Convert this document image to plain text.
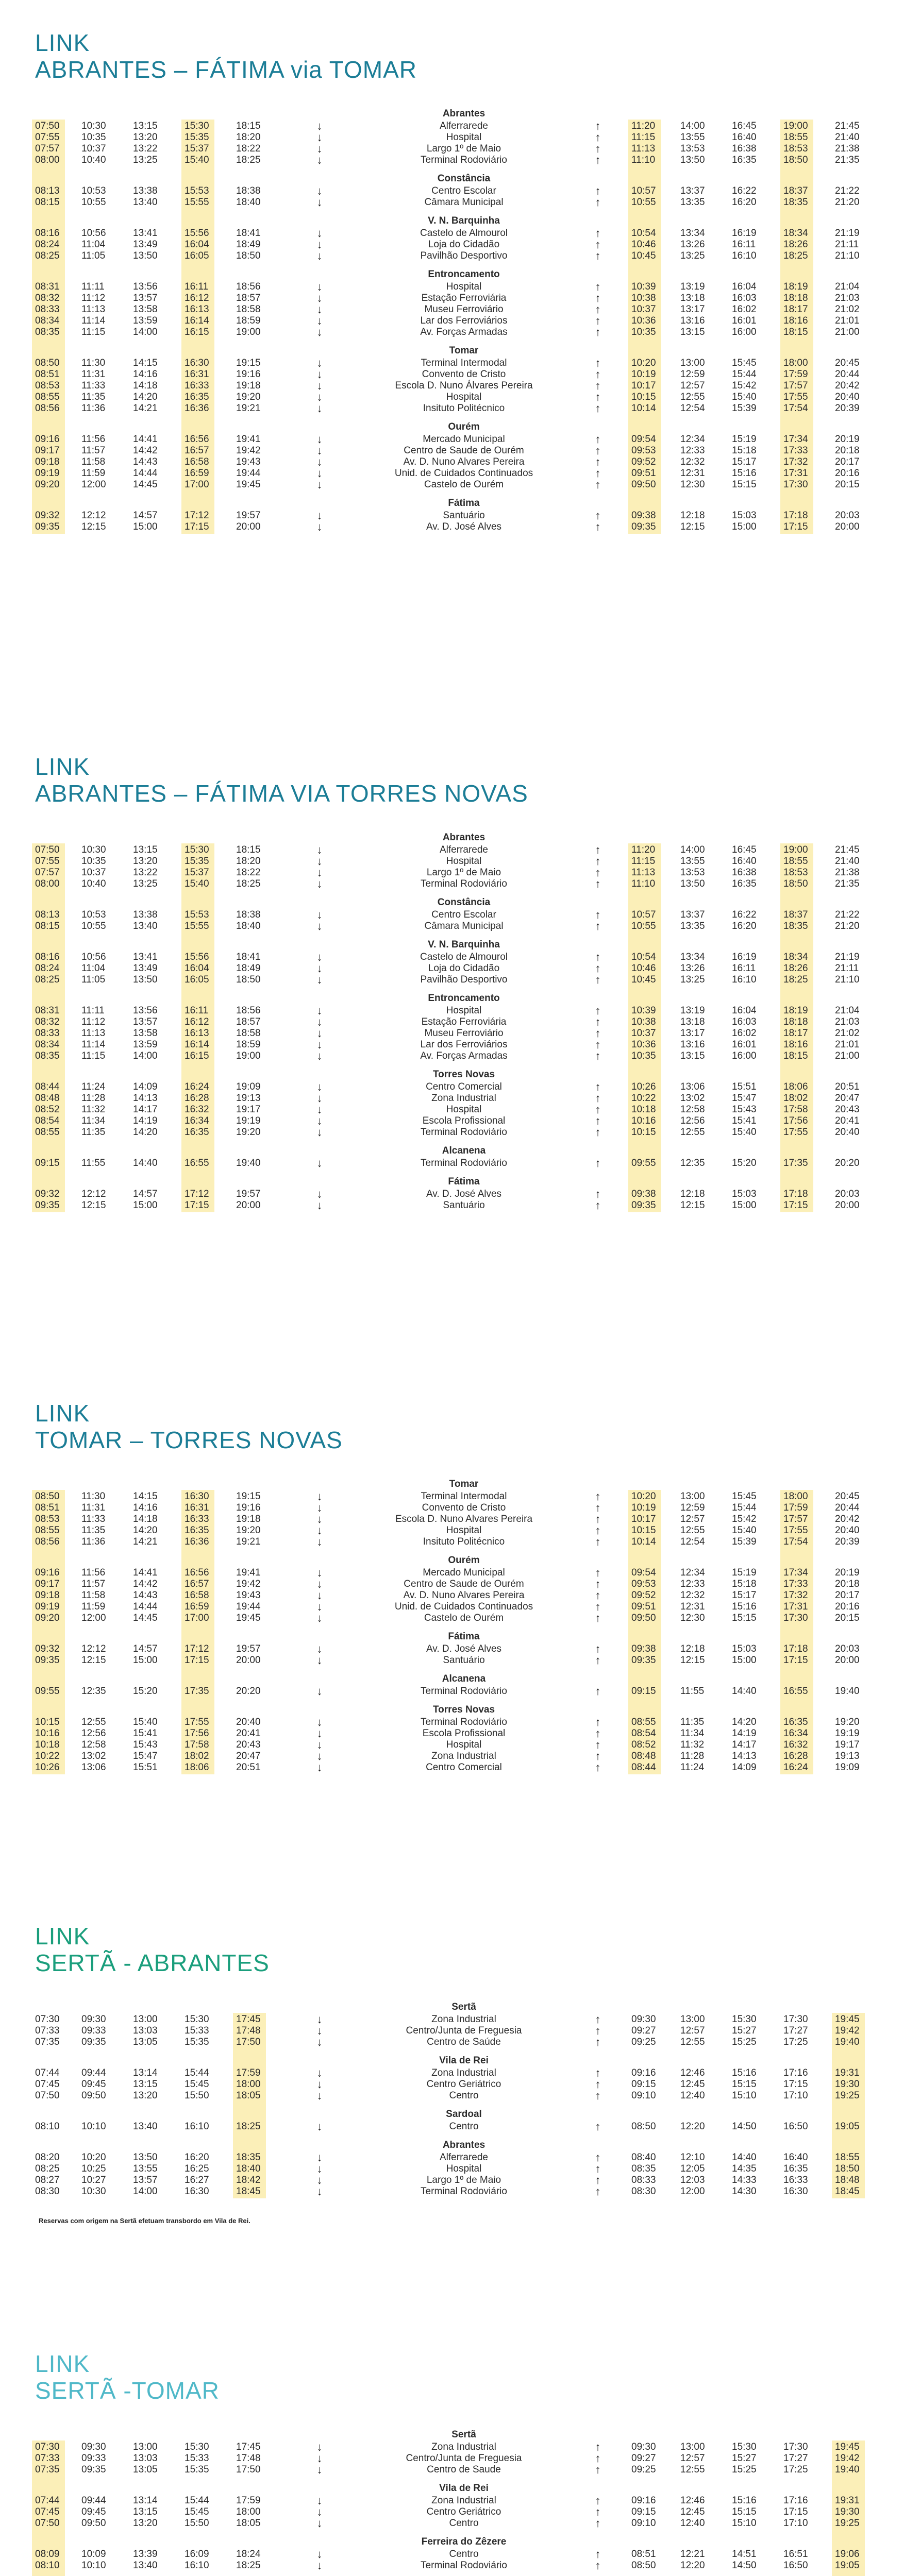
LINK
ABRANTES – FÁTIMA via TOMAR
Abrantes
07:50 10:30	13:15	15:30	18:15	↓	Alferrarede	↑	11:20	14:00	16:45	19:00	21:45
07:55 10:35	13:20	15:35	18:20	↓	Hospital	↑	11:15	13:55	16:40	18:55	21:40
07:57 10:37	13:22	15:37	18:22	↓	Largo 1º de Maio	↑	11:13	13:53	16:38	18:53	21:38
08:00 10:40	13:25	15:40	18:25	↓	Terminal Rodoviário	↑	11:10	13:50	16:35	18:50	21:35
Constância
08:13 10:53	13:38	15:53	18:38	↓	Centro Escolar	↑	10:57 13:37	16:22	18:37	21:22
08:15 10:55	13:40	15:55	18:40	↓	Câmara Municipal	↑	10:55 13:35	16:20	18:35	21:20
V. N. Barquinha
08:16 10:56	13:41	15:56	18:41	↓	Castelo de Almourol	↑	10:54 13:34	16:19	18:34	21:19
08:24 11:04	13:49	16:04	18:49	↓	Loja do Cidadão	↑	10:46 13:26	16:11	18:26	21:11
08:25 11:05	13:50	16:05	18:50	↓	Pavilhão Desportivo	↑	10:45 13:25	16:10	18:25	21:10
Entroncamento
08:31 11:11	13:56	16:11	18:56	↓	Hospital	↑	10:39 13:19	16:04	18:19	21:04
08:32 11:12	13:57	16:12	18:57	↓	Estação Ferroviária	↑	10:38 13:18	16:03	18:18	21:03
08:33 11:13	13:58	16:13	18:58	↓	Museu Ferroviário	↑	10:37 13:17	16:02	18:17	21:02
08:34 11:14	13:59	16:14	18:59	↓	Lar dos Ferroviários	↑	10:36 13:16	16:01	18:16	21:01
08:35 11:15	14:00	16:15	19:00	↓	Av. Forças Armadas	↑	10:35 13:15	16:00	18:15	21:00
Tomar
08:50 11:30	14:15	16:30	19:15	↓	Terminal Intermodal	↑	10:20 13:00	15:45	18:00	20:45
08:51 11:31	14:16	16:31	19:16	↓	Convento de Cristo	↑	10:19 12:59	15:44	17:59	20:44
08:53 11:33	14:18	16:33	19:18	↓	Escola D. Nuno Álvares Pereira	↑	10:17 12:57	15:42	17:57	20:42
08:55 11:35	14:20	16:35	19:20	↓	Hospital	↑	10:15 12:55	15:40	17:55	20:40
08:56 11:36	14:21	16:36	19:21	↓	Insituto Politécnico	↑	10:14 12:54	15:39	17:54	20:39
Ourém
09:16 11:56	14:41	16:56	19:41	↓	Mercado Municipal	↑	09:54 12:34	15:19	17:34	20:19
09:17 11:57	14:42	16:57	19:42	↓	Centro de Saude de Ourém	↑	09:53 12:33	15:18	17:33	20:18
09:18 11:58	14:43	16:58	19:43	↓	Av. D. Nuno Alvares Pereira	↑	09:52 12:32	15:17	17:32	20:17
09:19 11:59	14:44	16:59	19:44	↓	Unid. de Cuidados Continuados	↑	09:51 12:31	15:16	17:31	20:16
09:20 12:00	14:45	17:00	19:45	↓	Castelo de Ourém	↑	09:50 12:30	15:15	17:30	20:15
Fátima
09:32 12:12	14:57	17:12	19:57	↓	Santuário	↑	09:38 12:18	15:03	17:18	20:03
09:35 12:15	15:00	17:15	20:00	↓	Av. D. José Alves	↑	09:35 12:15	15:00	17:15	20:00
LINK
ABRANTES – FÁTIMA VIA TORRES NOVAS
Abrantes
07:50 10:30	13:15	15:30	18:15	↓	Alferrarede	↑	11:20	14:00	16:45	19:00	21:45
07:55 10:35	13:20	15:35	18:20	↓	Hospital	↑	11:15	13:55	16:40	18:55	21:40
07:57 10:37	13:22	15:37	18:22	↓	Largo 1º de Maio	↑	11:13	13:53	16:38	18:53	21:38
08:00 10:40	13:25	15:40	18:25	↓	Terminal Rodoviário	↑	11:10	13:50	16:35	18:50	21:35
Constância
08:13 10:53	13:38	15:53	18:38	↓	Centro Escolar	↑	10:57 13:37	16:22	18:37	21:22
08:15 10:55	13:40	15:55	18:40	↓	Câmara Municipal	↑	10:55 13:35	16:20	18:35	21:20
V. N. Barquinha
08:16 10:56	13:41	15:56	18:41	↓	Castelo de Almourol	↑	10:54 13:34	16:19	18:34	21:19
08:24 11:04	13:49	16:04	18:49	↓	Loja do Cidadão	↑	10:46 13:26	16:11	18:26	21:11
08:25 11:05	13:50	16:05	18:50	↓	Pavilhão Desportivo	↑	10:45 13:25	16:10	18:25	21:10
Entroncamento
08:31 11:11	13:56	16:11	18:56	↓	Hospital	↑	10:39 13:19	16:04	18:19	21:04
08:32 11:12	13:57	16:12	18:57	↓	Estação Ferroviária	↑	10:38 13:18	16:03	18:18	21:03
08:33 11:13	13:58	16:13	18:58	↓	Museu Ferroviário	↑	10:37 13:17	16:02	18:17	21:02
08:34 11:14	13:59	16:14	18:59	↓	Lar dos Ferroviários	↑	10:36 13:16	16:01	18:16	21:01
08:35 11:15	14:00	16:15	19:00	↓	Av. Forças Armadas	↑	10:35 13:15	16:00	18:15	21:00
Torres Novas
08:44 11:24	14:09	16:24	19:09	↓	Centro Comercial	↑	10:26 13:06	15:51	18:06	20:51
08:48 11:28	14:13	16:28	19:13	↓	Zona Industrial	↑	10:22 13:02	15:47	18:02	20:47
08:52 11:32	14:17	16:32	19:17	↓	Hospital	↑	10:18 12:58	15:43	17:58	20:43
08:54 11:34	14:19	16:34	19:19	↓	Escola Profissional	↑	10:16 12:56	15:41	17:56	20:41
08:55 11:35	14:20	16:35	19:20	↓	Terminal Rodoviário	↑	10:15 12:55	15:40	17:55	20:40
Alcanena
09:15 11:55	14:40	16:55	19:40	↓	Terminal Rodoviário	↑	09:55 12:35	15:20	17:35	20:20
Fátima
09:32 12:12	14:57	17:12	19:57	↓	Av. D. José Alves	↑	09:38 12:18	15:03	17:18	20:03
09:35 12:15	15:00	17:15	20:00	↓	Santuário	↑	09:35 12:15	15:00	17:15	20:00
LINK
TOMAR – TORRES NOVAS
Tomar
08:50 11:30	14:15	16:30	19:15	↓	Terminal Intermodal	↑	10:20 13:00	15:45	18:00	20:45
08:51 11:31	14:16	16:31	19:16	↓	Convento de Cristo	↑	10:19 12:59	15:44	17:59	20:44
08:53 11:33	14:18	16:33	19:18	↓	Escola D. Nuno Alvares Pereira	↑	10:17 12:57	15:42	17:57	20:42
08:55 11:35	14:20	16:35	19:20	↓	Hospital	↑	10:15 12:55	15:40	17:55	20:40
08:56 11:36	14:21	16:36	19:21	↓	Insituto Politécnico	↑	10:14 12:54	15:39	17:54	20:39
Ourém
09:16 11:56	14:41	16:56	19:41	↓	Mercado Municipal	↑	09:54 12:34	15:19	17:34	20:19
09:17 11:57	14:42	16:57	19:42	↓	Centro de Saude de Ourém	↑	09:53 12:33	15:18	17:33	20:18
09:18 11:58	14:43	16:58	19:43	↓	Av. D. Nuno Alvares Pereira	↑	09:52 12:32	15:17	17:32	20:17
09:19 11:59	14:44	16:59	19:44	↓	Unid. de Cuidados Continuados	↑	09:51 12:31	15:16	17:31	20:16
09:20 12:00	14:45	17:00	19:45	↓	Castelo de Ourém	↑	09:50 12:30	15:15	17:30	20:15
Fátima
09:32 12:12	14:57	17:12	19:57	↓	Av. D. José Alves	↑	09:38 12:18	15:03	17:18	20:03
09:35 12:15	15:00	17:15	20:00	↓	Santuário	↑	09:35 12:15	15:00	17:15	20:00
Alcanena
09:55 12:35	15:20	17:35	20:20	↓	Terminal Rodoviário	↑	09:15 11:55	14:40	16:55	19:40
Torres Novas
10:15 12:55	15:40	17:55	20:40	↓	Terminal Rodoviário	↑	08:55 11:35	14:20	16:35	19:20
10:16 12:56	15:41	17:56	20:41	↓	Escola Profissional	↑	08:54 11:34	14:19	16:34	19:19
10:18 12:58	15:43	17:58	20:43	↓	Hospital	↑	08:52 11:32	14:17	16:32	19:17
10:22 13:02	15:47	18:02	20:47	↓	Zona Industrial	↑	08:48 11:28	14:13	16:28	19:13
10:26 13:06	15:51	18:06	20:51	↓	Centro Comercial	↑	08:44 11:24	14:09	16:24	19:09
LINK
SERTÃ - ABRANTES
Sertã
07:30 09:30	13:00	15:30	17:45	↓	Zona Industrial	↑	09:30 13:00	15:30	17:30	19:45
07:33 09:33	13:03	15:33	17:48	↓	Centro/Junta de Freguesia	↑	09:27 12:57	15:27	17:27	19:42
07:35 09:35	13:05	15:35	17:50	↓	Centro de Saúde	↑	09:25 12:55	15:25	17:25	19:40
Vila de Rei
07:44 09:44	13:14	15:44	17:59	↓	Zona Industrial	↑	09:16 12:46	15:16	17:16	19:31
07:45 09:45	13:15	15:45	18:00	↓	Centro Geriátrico	↑	09:15 12:45	15:15	17:15	19:30
07:50 09:50	13:20	15:50	18:05	↓	Centro	↑	09:10 12:40	15:10	17:10	19:25
Sardoal
08:10 10:10	13:40	16:10	18:25	↓	Centro	↑	08:50 12:20	14:50	16:50	19:05
Abrantes
08:20 10:20	13:50	16:20	18:35	↓	Alferrarede	↑	08:40 12:10	14:40	16:40	18:55
08:25 10:25	13:55	16:25	18:40	↓	Hospital	↑	08:35 12:05	14:35	16:35	18:50
08:27 10:27	13:57	16:27	18:42	↓	Largo 1º de Maio	↑	08:33 12:03	14:33	16:33	18:48
08:30 10:30	14:00	16:30	18:45	↓	Terminal Rodoviário	↑	08:30 12:00	14:30	16:30	18:45
Reservas com origem na Sertã efetuam transbordo em Vila de Rei.
LINK
SERTÃ -TOMAR
Sertã
07:30 09:30	13:00	15:30	17:45	↓	Zona Industrial	↑	09:30 13:00	15:30	17:30	19:45
07:33 09:33	13:03	15:33	17:48	↓	Centro/Junta de Freguesia	↑	09:27 12:57	15:27	17:27	19:42
07:35 09:35	13:05	15:35	17:50	↓	Centro de Saude	↑	09:25 12:55	15:25	17:25	19:40
Vila de Rei
07:44 09:44	13:14	15:44	17:59	↓	Zona Industrial	↑	09:16 12:46	15:16	17:16	19:31
07:45 09:45	13:15	15:45	18:00	↓	Centro Geriátrico	↑	09:15 12:45	15:15	17:15	19:30
07:50 09:50	13:20	15:50	18:05	↓	Centro	↑	09:10 12:40	15:10	17:10	19:25
Ferreira do Zêzere
08:09 10:09	13:39	16:09	18:24	↓	Centro	↑	08:51 12:21	14:51	16:51	19:06
08:10 10:10	13:40	16:10	18:25	↓	Terminal Rodoviário	↑	08:50 12:20	14:50	16:50	19:05
